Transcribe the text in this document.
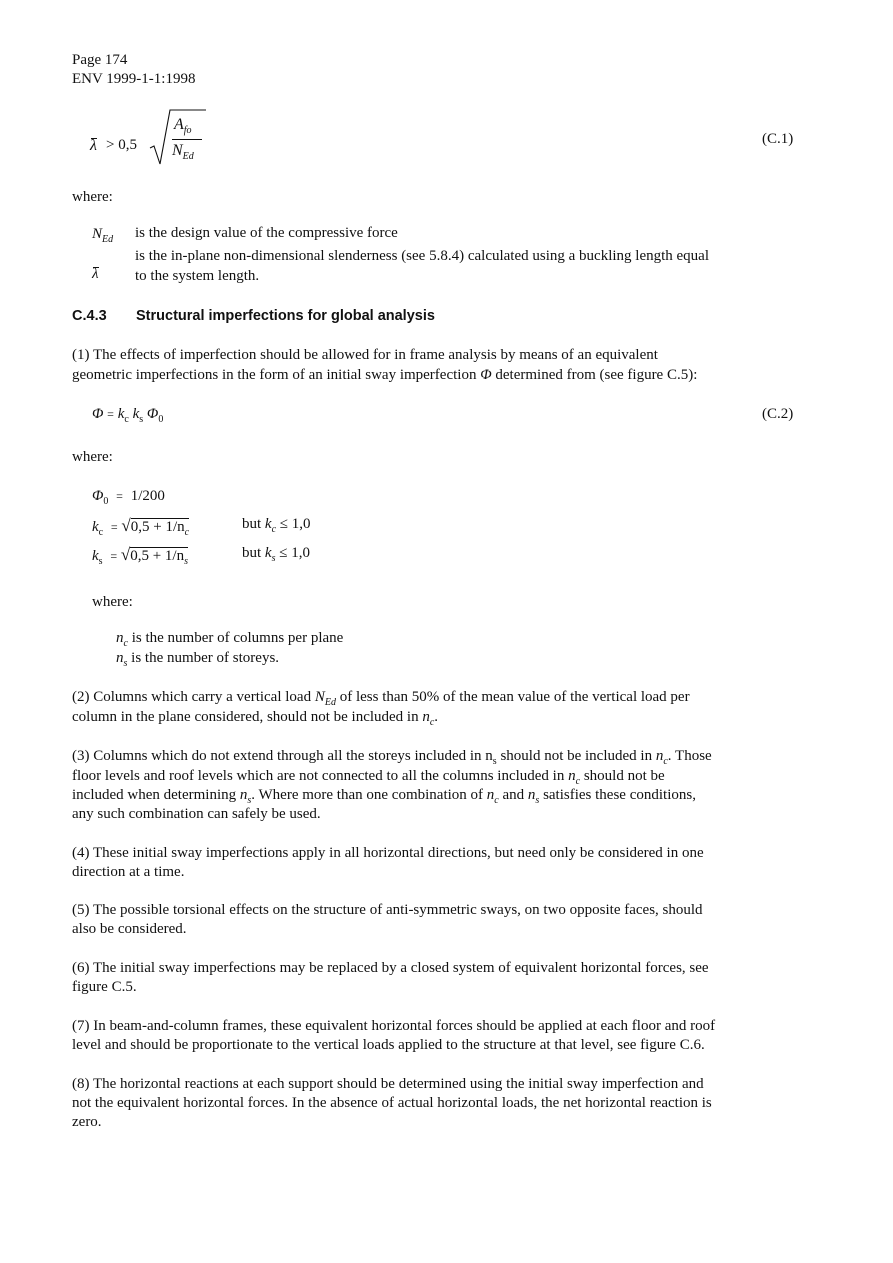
Page 174
ENV 1999-1-1:1998
λ > 0,5
$A_{fo}$
$N_{Ed}$
(C.1)
where:
$N_{Ed}$ is the design value of the compressive force
λ
is the in-plane non-dimensional slenderness (see 5.8.4) calculated using a buckling length equal
to the system length.
C.4.3 Structural imperfections for global analysis
(1) The effects of imperfection should be allowed for in frame analysis by means of an equivalent
geometric imperfections in the form of an initial sway imperfection Φ determined from (see figure C.5):
$\Phi = k_c$ $k_s$ $\Phi_0$	(C.2)
where:
$\Phi_0 = 1/200$
$k_c = √0,5 + 1/n_c$
but $k_c \le 1,0$
$k_s = √0,5 + 1/n_s$
but $k_s \le 1,0$
where:
$n_c$ is the number of columns per plane
$n_s$ is the number of storeys.
(2) Columns which carry a vertical load $N_{Ed}$ of less than 50% of the mean value of the vertical load per
column in the plane considered, should not be included in $n_c$.
(3) Columns which do not extend through all the storeys included in $n_s$ should not be included in $n_c$. Those
floor levels and roof levels which are not connected to all the columns included in $n_c$ should not be
included when determining $n_s$. Where more than one combination of $n_c$ and $n_s$ satisfies these conditions,
any such combination can safely be used.
(4) These initial sway imperfections apply in all horizontal directions, but need only be considered in one
direction at a time.
(5) The possible torsional effects on the structure of anti-symmetric sways, on two opposite faces, should
also be considered.
(6) The initial sway imperfections may be replaced by a closed system of equivalent horizontal forces, see
figure C.5.
(7) In beam-and-column frames, these equivalent horizontal forces should be applied at each floor and roof
level and should be proportionate to the vertical loads applied to the structure at that level, see figure C.6.
(8) The horizontal reactions at each support should be determined using the initial sway imperfection and
not the equivalent horizontal forces. In the absence of actual horizontal loads, the net horizontal reaction is
zero.
